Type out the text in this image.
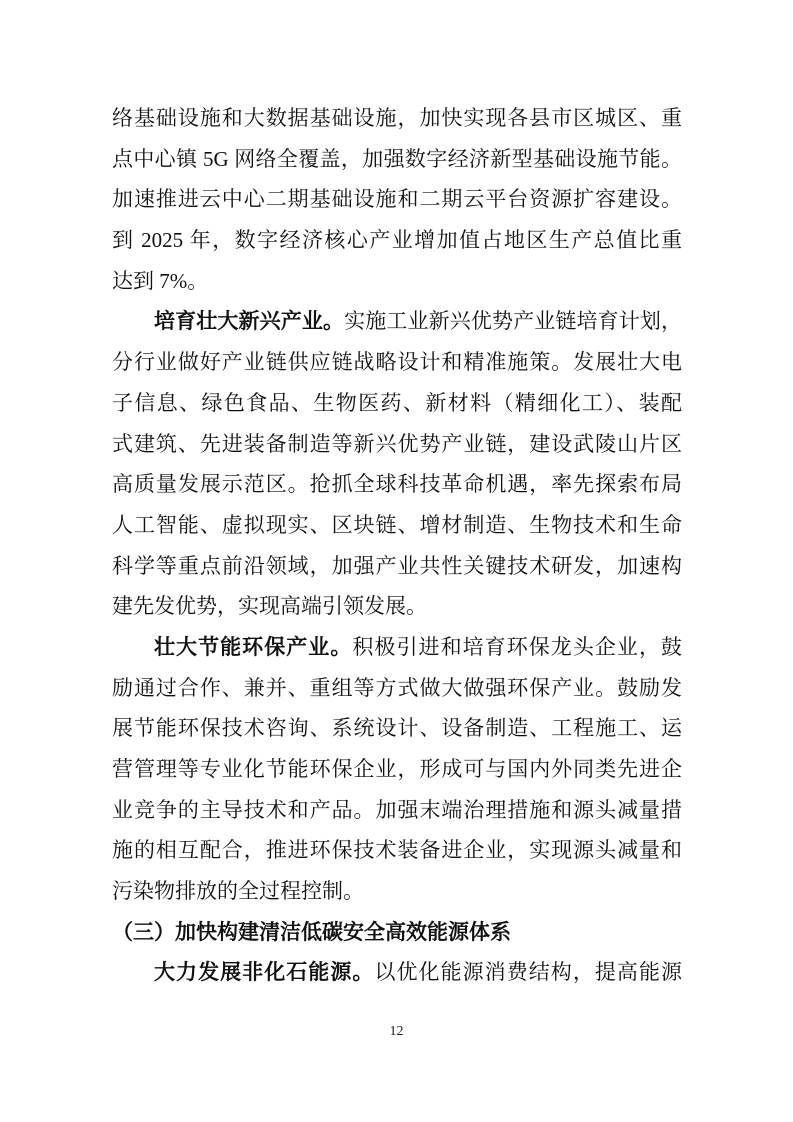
络基础设施和大数据基础设施，加快实现各县市区城区、重
点中心镇 5G 网络全覆盖，加强数字经济新型基础设施节能。
加速推进云中心二期基础设施和二期云平台资源扩容建设。
到 2025 年，数字经济核心产业增加值占地区生产总值比重
达到 7%。
培育壮大新兴产业。实施工业新兴优势产业链培育计划，
分行业做好产业链供应链战略设计和精准施策。发展壮大电
子信息、绿色食品、生物医药、新材料（精细化工）、装配
式建筑、先进装备制造等新兴优势产业链，建设武陵山片区
高质量发展示范区。抢抓全球科技革命机遇，率先探索布局
人工智能、虚拟现实、区块链、增材制造、生物技术和生命
科学等重点前沿领域，加强产业共性关键技术研发，加速构
建先发优势，实现高端引领发展。
壮大节能环保产业。积极引进和培育环保龙头企业，鼓
励通过合作、兼并、重组等方式做大做强环保产业。鼓励发
展节能环保技术咨询、系统设计、设备制造、工程施工、运
营管理等专业化节能环保企业，形成可与国内外同类先进企
业竞争的主导技术和产品。加强末端治理措施和源头减量措
施的相互配合，推进环保技术装备进企业，实现源头减量和
污染物排放的全过程控制。
（三）加快构建清洁低碳安全高效能源体系
大力发展非化石能源。以优化能源消费结构，提高能源
12
